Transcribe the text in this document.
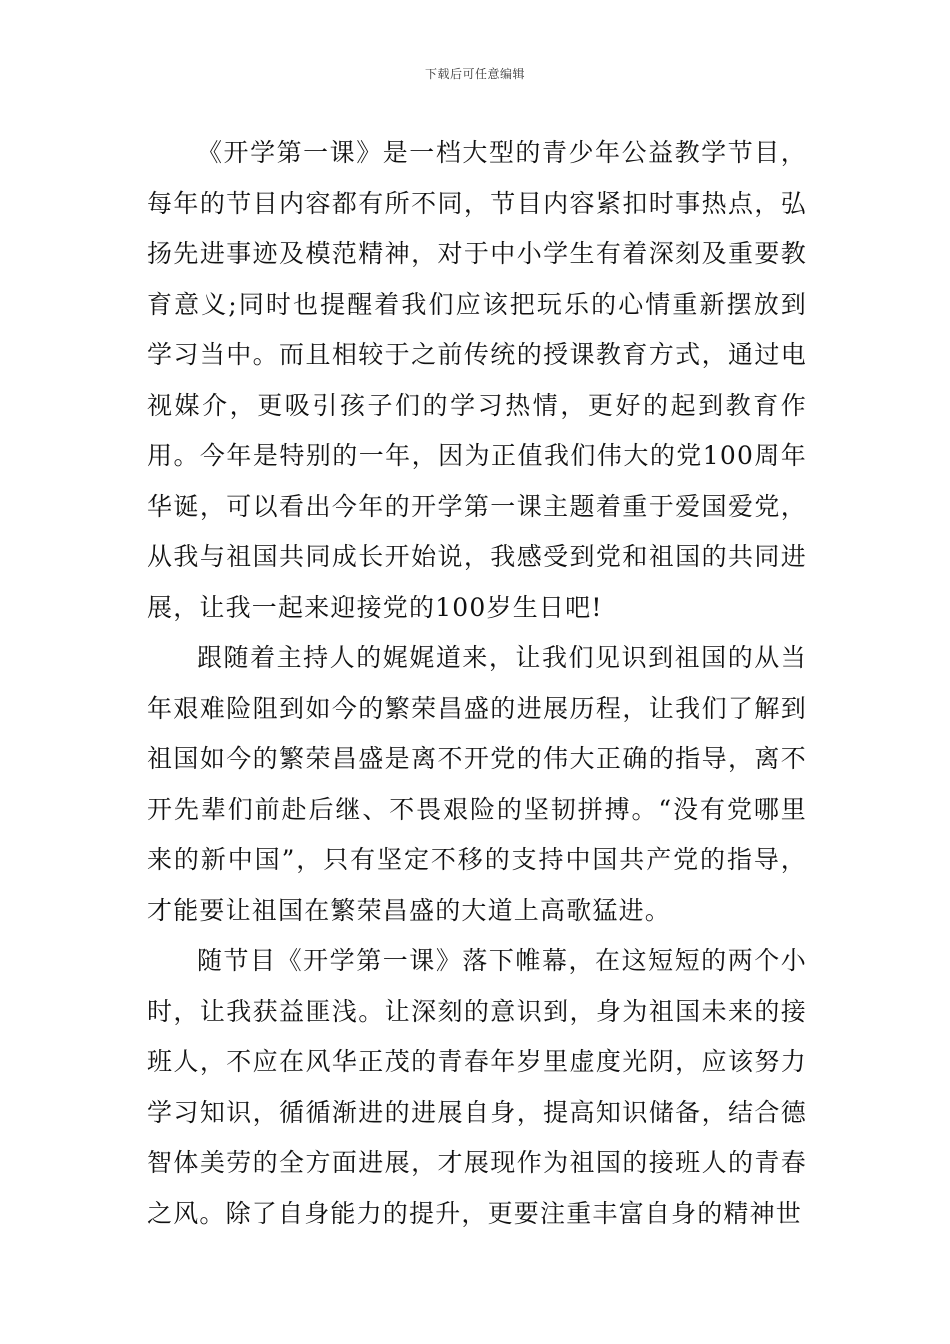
下载后可任意编辑

《开学第一课》是一档大型的青少年公益教学节目，每年的节目内容都有所不同，节目内容紧扣时事热点，弘扬先进事迹及模范精神，对于中小学生有着深刻及重要教育意义;同时也提醒着我们应该把玩乐的心情重新摆放到学习当中。而且相较于之前传统的授课教育方式，通过电视媒介，更吸引孩子们的学习热情，更好的起到教育作用。今年是特别的一年，因为正值我们伟大的党100周年华诞，可以看出今年的开学第一课主题着重于爱国爱党，从我与祖国共同成长开始说，我感受到党和祖国的共同进展，让我一起来迎接党的100岁生日吧!

跟随着主持人的娓娓道来，让我们见识到祖国的从当年艰难险阻到如今的繁荣昌盛的进展历程，让我们了解到祖国如今的繁荣昌盛是离不开党的伟大正确的指导，离不开先辈们前赴后继、不畏艰险的坚韧拼搏。“没有党哪里来的新中国”，只有坚定不移的支持中国共产党的指导，才能要让祖国在繁荣昌盛的大道上高歌猛进。

随节目《开学第一课》落下帷幕，在这短短的两个小时，让我获益匪浅。让深刻的意识到，身为祖国未来的接班人，不应在风华正茂的青春年岁里虚度光阴，应该努力学习知识，循循渐进的进展自身，提高知识储备，结合德智体美劳的全方面进展，才展现作为祖国的接班人的青春之风。除了自身能力的提升，更要注重丰富自身的精神世
